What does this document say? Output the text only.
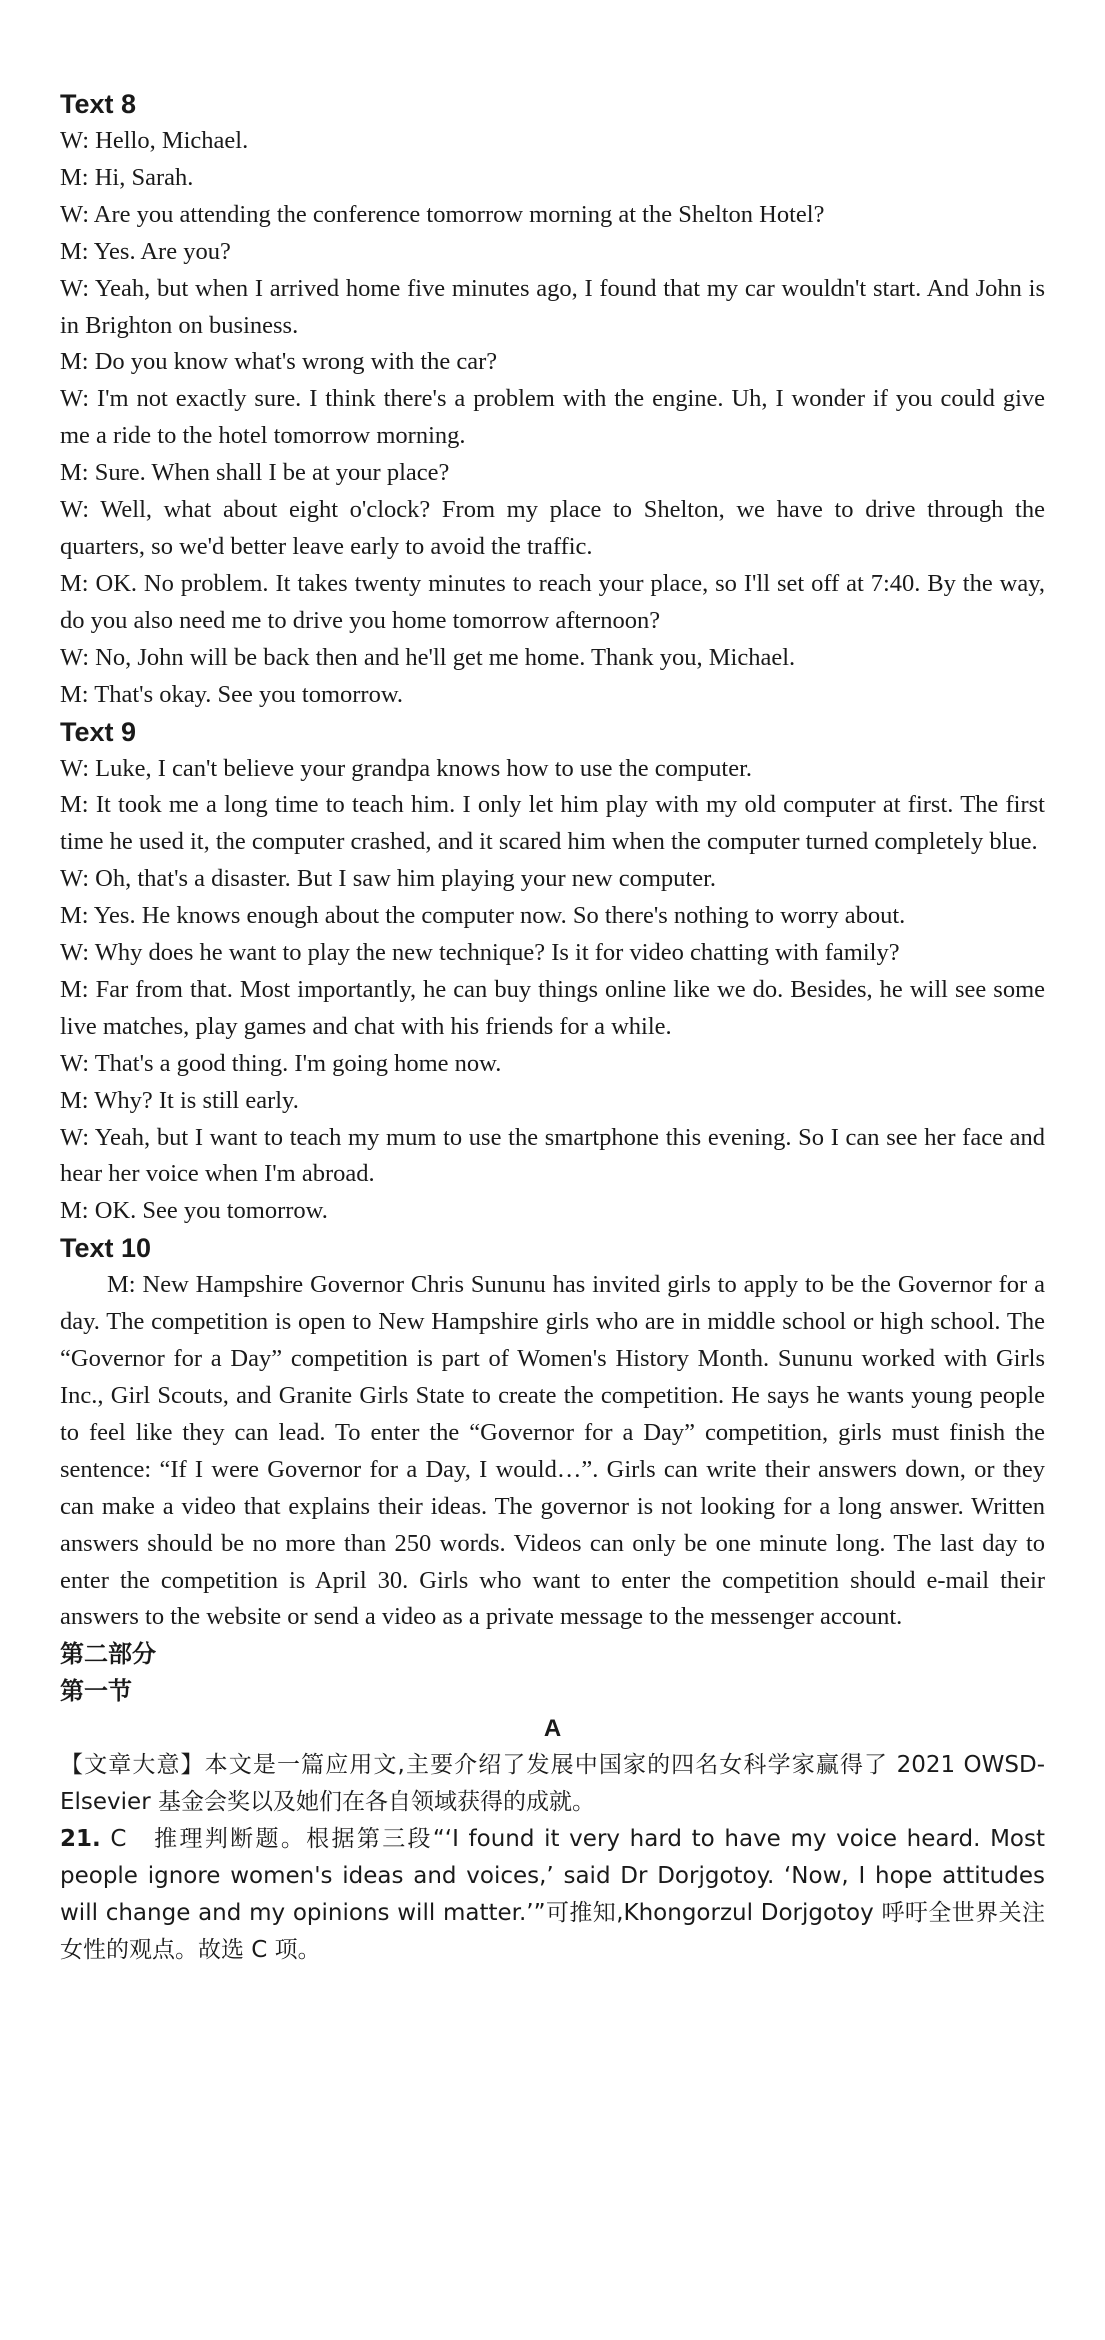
Text 8
W: Hello, Michael.
M: Hi, Sarah.
W: Are you attending the conference tomorrow morning at the Shelton Hotel?
M: Yes. Are you?
W: Yeah, but when I arrived home five minutes ago, I found that my car wouldn't start. And John is in Brighton on business.
M: Do you know what's wrong with the car?
W: I'm not exactly sure. I think there's a problem with the engine. Uh, I wonder if you could give me a ride to the hotel tomorrow morning.
M: Sure. When shall I be at your place?
W: Well, what about eight o'clock? From my place to Shelton, we have to drive through the quarters, so we'd better leave early to avoid the traffic.
M: OK. No problem. It takes twenty minutes to reach your place, so I'll set off at 7:40. By the way, do you also need me to drive you home tomorrow afternoon?
W: No, John will be back then and he'll get me home. Thank you, Michael.
M: That's okay. See you tomorrow.
Text 9
W: Luke, I can't believe your grandpa knows how to use the computer.
M: It took me a long time to teach him. I only let him play with my old computer at first. The first time he used it, the computer crashed, and it scared him when the computer turned completely blue.
W: Oh, that's a disaster. But I saw him playing your new computer.
M: Yes. He knows enough about the computer now. So there's nothing to worry about.
W: Why does he want to play the new technique? Is it for video chatting with family?
M: Far from that. Most importantly, he can buy things online like we do. Besides, he will see some live matches, play games and chat with his friends for a while.
W: That's a good thing. I'm going home now.
M: Why? It is still early.
W: Yeah, but I want to teach my mum to use the smartphone this evening. So I can see her face and hear her voice when I'm abroad.
M: OK. See you tomorrow.
Text 10
M: New Hampshire Governor Chris Sununu has invited girls to apply to be the Governor for a day. The competition is open to New Hampshire girls who are in middle school or high school. The “Governor for a Day” competition is part of Women's History Month. Sununu worked with Girls Inc., Girl Scouts, and Granite Girls State to create the competition. He says he wants young people to feel like they can lead. To enter the “Governor for a Day” competition, girls must finish the sentence: “If I were Governor for a Day, I would…”. Girls can write their answers down, or they can make a video that explains their ideas. The governor is not looking for a long answer. Written answers should be no more than 250 words. Videos can only be one minute long. The last day to enter the competition is April 30. Girls who want to enter the competition should e-mail their answers to the website or send a video as a private message to the messenger account.
第二部分
第一节
A
【文章大意】本文是一篇应用文,主要介绍了发展中国家的四名女科学家赢得了 2021 OWSD-Elsevier 基金会奖以及她们在各自领域获得的成就。
21. C　推理判断题。根据第三段“‘I found it very hard to have my voice heard. Most people ignore women's ideas and voices,’ said Dr Dorjgotoy. ‘Now, I hope attitudes will change and my opinions will matter.’”可推知,Khongorzul Dorjgotoy 呼吁全世界关注女性的观点。故选 C 项。
